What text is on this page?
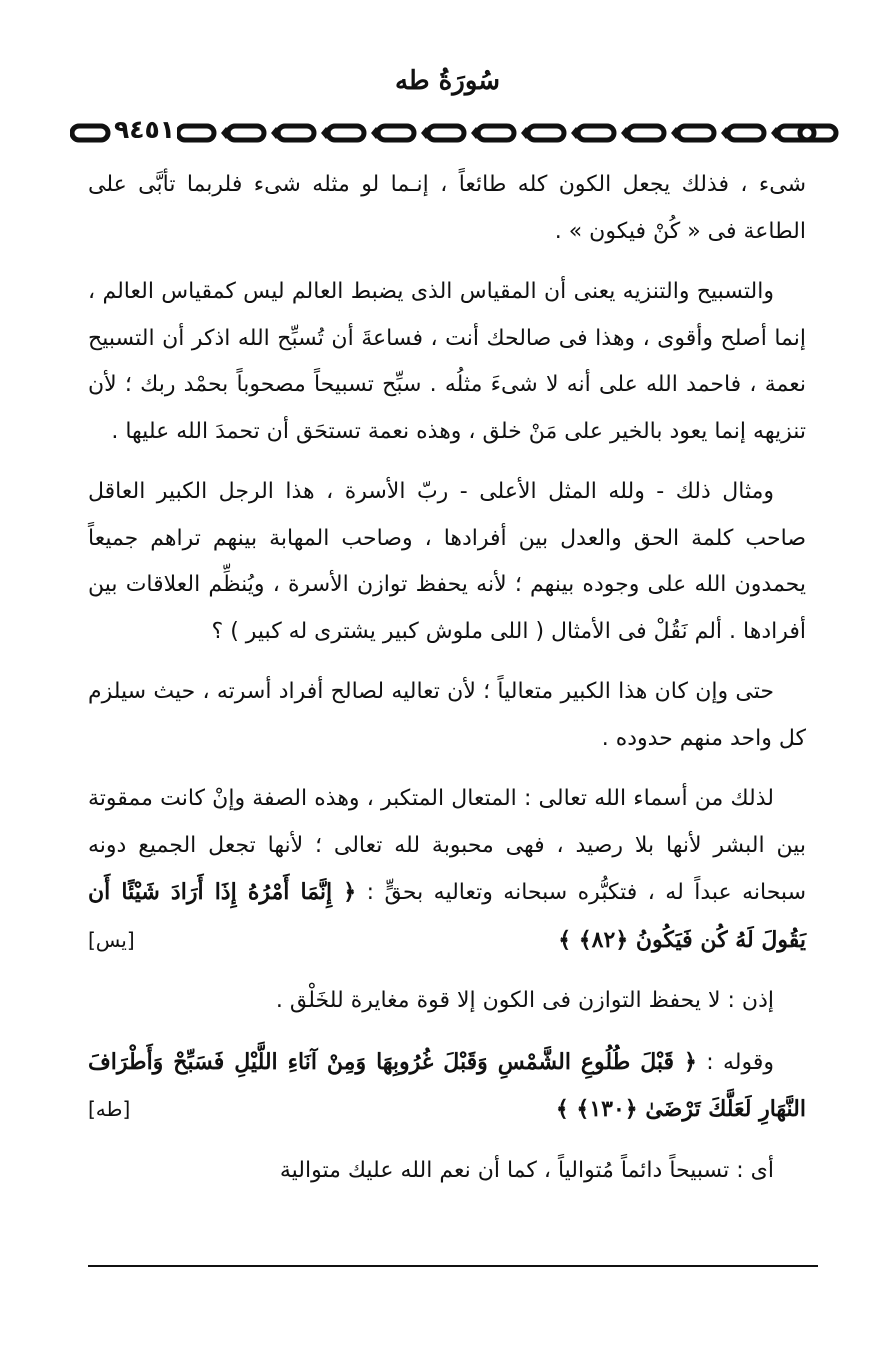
سُورَةُ طه
٩٤٥١

شىء ، فذلك يجعل الكون كله طائعاً ، إنـما لو مثله شىء فلربما تأبَّى على الطاعة فى « كُنْ فيكون » .

والتسبيح والتنزيه يعنى أن المقياس الذى يضبط العالم ليس كمقياس العالم ، إنما أصلح وأقوى ، وهذا فى صالحك أنت ، فساعةَ أن تُسبِّح الله اذكر أن التسبيح نعمة ، فاحمد الله على أنه لا شىءَ مثلُه . سبِّح تسبيحاً مصحوباً بحمْد ربك ؛ لأن تنزيهه إنما يعود بالخير على مَنْ خلق ، وهذه نعمة تستحَق أن تحمدَ الله عليها .

ومثال ذلك - ولله المثل الأعلى - ربّ الأسرة ، هذا الرجل الكبير العاقل صاحب كلمة الحق والعدل بين أفرادها ، وصاحب المهابة بينهم تراهم جميعاً يحمدون الله على وجوده بينهم ؛ لأنه يحفظ توازن الأسرة ، ويُنظِّم العلاقات بين أفرادها . ألم نَقُلْ فى الأمثال ( اللى ملوش كبير يشترى له كبير ) ؟

حتى وإن كان هذا الكبير متعالياً ؛ لأن تعاليه لصالح أفراد أسرته ، حيث سيلزم كل واحد منهم حدوده .

لذلك من أسماء الله تعالى : المتعال المتكبر ، وهذه الصفة وإنْ كانت ممقوتة بين البشر لأنها بلا رصيد ، فهى محبوبة لله تعالى ؛ لأنها تجعل الجميع دونه سبحانه عبداً له ، فتكبُّره سبحانه وتعاليه بحقٍّ : ﴿ إِنَّمَا أَمْرُهُ إِذَا أَرَادَ شَيْئًا أَن يَقُولَ لَهُ كُن فَيَكُونُ ﴿٨٢﴾ ﴾
[يس]

إذن : لا يحفظ التوازن فى الكون إلا قوة مغايرة للخَلْق .

وقوله : ﴿ قَبْلَ طُلُوعِ الشَّمْسِ وَقَبْلَ غُرُوبِهَا وَمِنْ آنَاءِ اللَّيْلِ فَسَبِّحْ وَأَطْرَافَ النَّهَارِ لَعَلَّكَ تَرْضَىٰ ﴿١٣٠﴾ ﴾
[طه]

أى : تسبيحاً دائماً مُتوالياً ، كما أن نعم الله عليك متوالية
